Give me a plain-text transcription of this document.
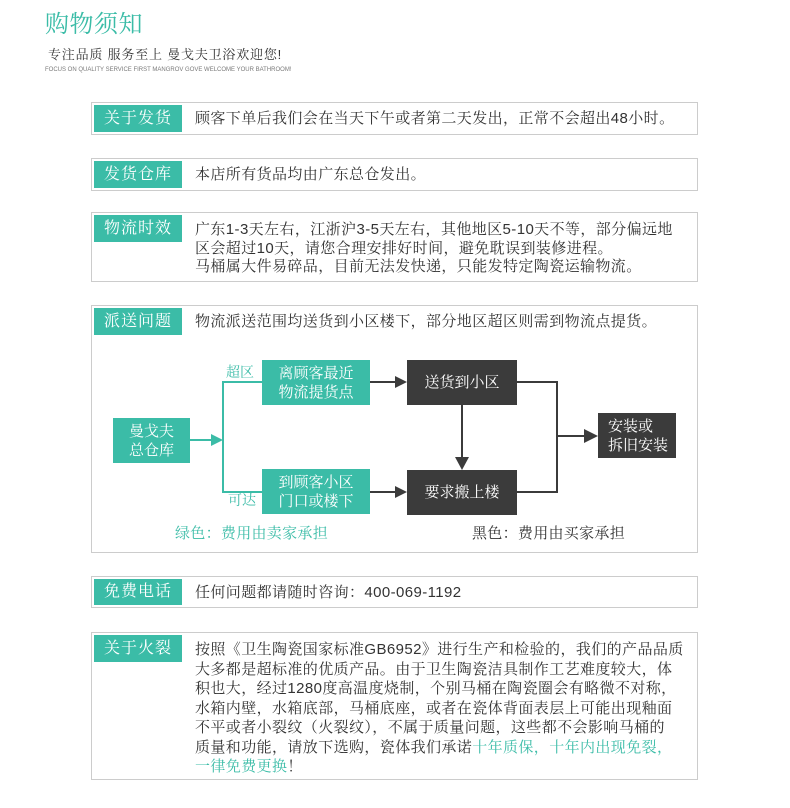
购物须知
专注品质 服务至上 曼戈夫卫浴欢迎您!
FOCUS ON QUALITY SERVICE FIRST MANGROV GOVE WELCOME YOUR BATHROOM!
关于发货	顾客下单后我们会在当天下午或者第二天发出，正常不会超出48小时。
发货仓库	本店所有货品均由广东总仓发出。
物流时效	广东1-3天左右，江浙沪3-5天左右，其他地区5-10天不等，部分偏远地
区会超过10天，请您合理安排好时间，避免耽误到装修进程。
马桶属大件易碎品，目前无法发快递，只能发特定陶瓷运输物流。
派送问题	物流派送范围均送货到小区楼下，部分地区超区则需到物流点提货。
曼戈夫
总仓库
超区
可达
离顾客最近
物流提货点
到顾客小区
门口或楼下
送货到小区
要求搬上楼
安装或
拆旧安装
绿色：费用由卖家承担	黑色：费用由买家承担
免费电话	任何问题都请随时咨询：400-069-1192
关于火裂	按照《卫生陶瓷国家标准GB6952》进行生产和检验的，我们的产品品质
大多都是超标准的优质产品。由于卫生陶瓷洁具制作工艺难度较大，体
积也大，经过1280度高温度烧制，个别马桶在陶瓷圈会有略微不对称，
水箱内壁，水箱底部，马桶底座，或者在瓷体背面表层上可能出现釉面
不平或者小裂纹（火裂纹），不属于质量问题，这些都不会影响马桶的
质量和功能，请放下选购，瓷体我们承诺十年质保，十年内出现免裂，
一律免费更换！
